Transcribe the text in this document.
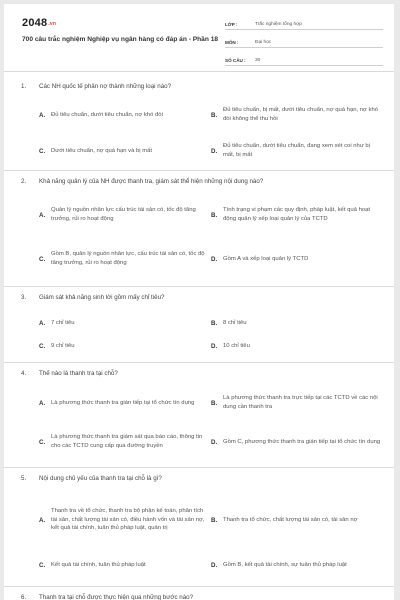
2048.vn
700 câu trắc nghiệm Nghiệp vụ ngân hàng có đáp án - Phần 18
LỚP :	Trắc nghiệm tổng hợp
MÔN :	Đại học
SỐ CÂU :	30
1. Các NH quốc tế phân nợ thành những loại nào?
A. Đủ tiêu chuẩn, dưới tiêu chuẩn, nợ khó đòi	B.
Đủ tiêu chuẩn, bị mất, dưới tiêu chuẩn, nợ quá hạn, nợ khó đòi không thể thu hồi
C. Dưới tiêu chuẩn, nợ quá hạn và bị mất	D.
Đủ tiêu chuẩn, dưới tiêu chuẩn, đang xem xét coi như bị mất, bị mất
2. Khả năng quản lý của NH được thanh tra, giám sát thể hiện những nội dung nào?
A.
Quản lý nguồn nhân lực cấu trúc tài sản có, tốc độ tăng trưởng, rủi ro hoạt động
B.
Tình trạng vi phạm các quy định, pháp luật, kết quả hoạt động quản lý xếp loại quản lý của TCTD
C.
Gồm B, quản lý nguồn nhân lực, cấu trúc tài sản có, tốc độ tăng trưởng, rủi ro hoạt động
D. Gồm A và xếp loại quản lý TCTD
3. Giám sát khả năng sinh lời gồm mấy chỉ tiêu?
A. 7 chỉ tiêu	B. 8 chỉ tiêu
C. 9 chỉ tiêu	D. 10 chỉ tiêu
4. Thế nào là thanh tra tại chỗ?
A. Là phương thức thanh tra gián tiếp tại tổ chức tín dụng	B.
Là phương thức thanh tra trực tiếp tại các TCTD về các nội dung cần thanh tra
C.
Là phương thức thanh tra giám sát qua báo cáo, thông tin cho các TCTD cung cấp qua đường truyền
D. Gồm C, phương thức thanh tra gián tiếp tại tổ chức tín dụng
5. Nội dung chủ yếu của thanh tra tại chỗ là gì?
A.
Thanh tra về tổ chức, thanh tra bộ phận kế toán, phân tích tài sản, chất lượng tài sản có, điều hành vốn và tài sản nợ, kết quả tài chính, tuân thủ pháp luật, quản trị
B. Thanh tra tổ chức, chất lượng tài sản có, tài sản nợ
C. Kết quả tài chính, tuân thủ pháp luật	D. Gồm B, kết quả tài chính, sự tuân thủ pháp luật
6. Thanh tra tại chỗ được thực hiện qua những bước nào?
